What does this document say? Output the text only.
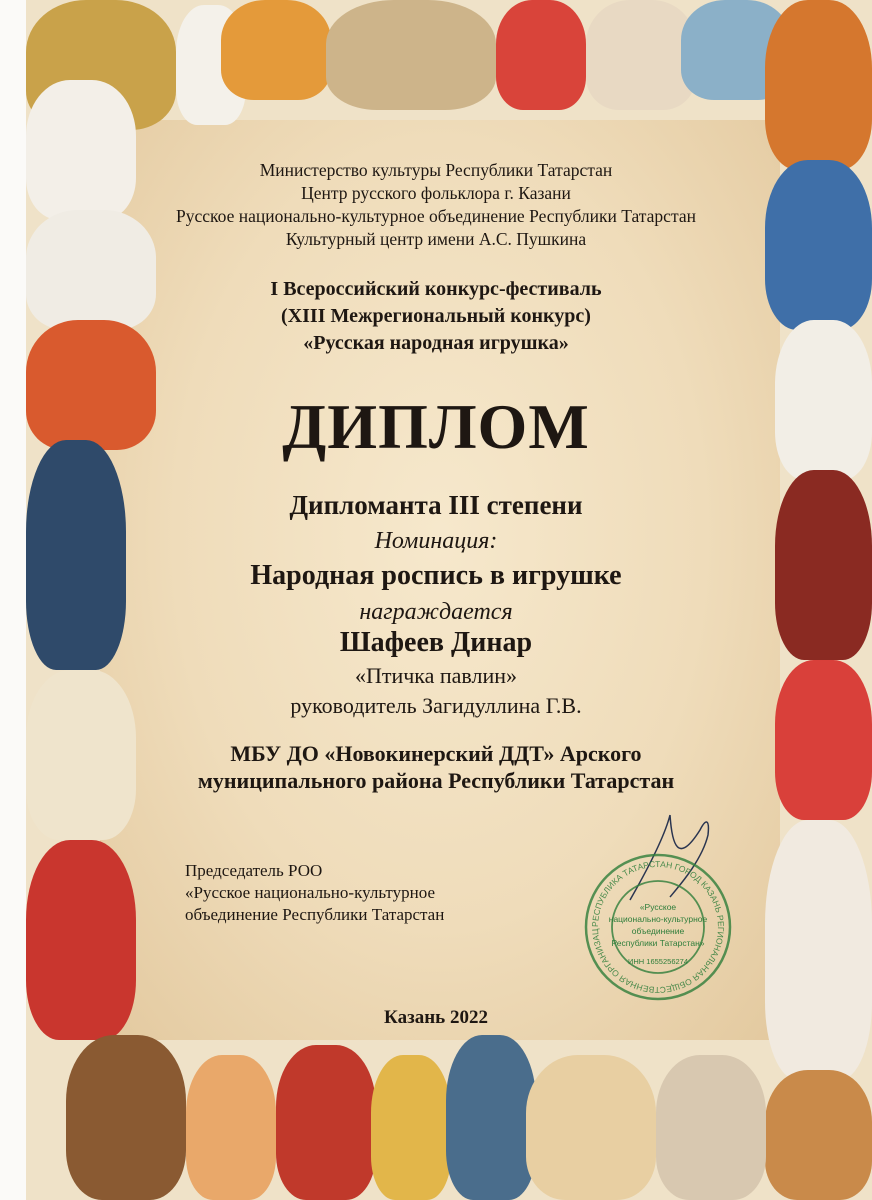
Министерство культуры Республики Татарстан
Центр русского фольклора г. Казани
Русское национально-культурное объединение Республики Татарстан
Культурный центр имени А.С. Пушкина
I Всероссийский конкурс-фестиваль
(XIII Межрегиональный конкурс)
«Русская народная игрушка»
ДИПЛОМ
Дипломанта III степени
Номинация:
Народная роспись в игрушке
награждается
Шафеев Динар
«Птичка павлин»
руководитель Загидуллина Г.В.
МБУ ДО «Новокинерский ДДТ» Арского
муниципального района Республики Татарстан
Председатель РОО
«Русское национально-культурное
объединение Республики Татарстан
РЕСПУБЛИКА ТАТАРСТАН ГОРОД КАЗАНЬ РЕГИОНАЛЬНАЯ ОБЩЕСТВЕННАЯ ОРГАНИЗАЦ
«Русское
национально-культурное
объединение
Республики Татарстан»
ИНН 1655256274
Казань 2022
